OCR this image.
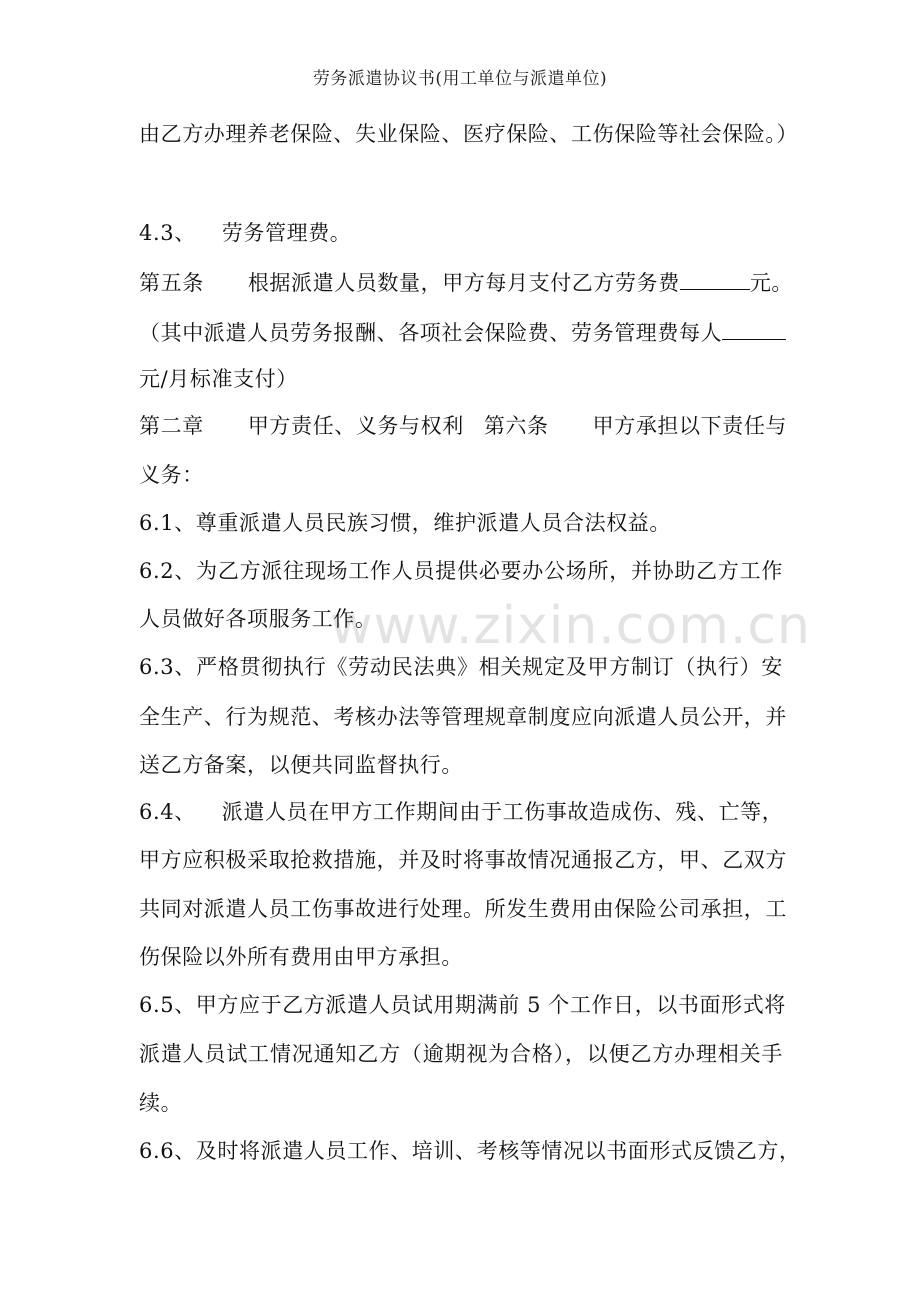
www.zixin.com.cn
劳务派遣协议书(用工单位与派遣单位)
由乙方办理养老保险、失业保险、医疗保险、工伤保险等社会保险。）
4.3、 劳务管理费。
第五条 根据派遣人员数量，甲方每月支付乙方劳务费	元。
（其中派遣人员劳务报酬、各项社会保险费、劳务管理费每人
元/月标准支付）
第二章 甲方责任、义务与权利 第六条 甲方承担以下责任与
义务：
6.1、尊重派遣人员民族习惯，维护派遣人员合法权益。
6.2、为乙方派往现场工作人员提供必要办公场所，并协助乙方工作
人员做好各项服务工作。
6.3、严格贯彻执行《劳动民法典》相关规定及甲方制订（执行）安
全生产、行为规范、考核办法等管理规章制度应向派遣人员公开，并
送乙方备案，以便共同监督执行。
6.4、 派遣人员在甲方工作期间由于工伤事故造成伤、残、亡等，
甲方应积极采取抢救措施，并及时将事故情况通报乙方，甲、乙双方
共同对派遣人员工伤事故进行处理。所发生费用由保险公司承担，工
伤保险以外所有费用由甲方承担。
6.5、甲方应于乙方派遣人员试用期满前 5 个工作日，以书面形式将
派遣人员试工情况通知乙方（逾期视为合格），以便乙方办理相关手
续。
6.6、及时将派遣人员工作、培训、考核等情况以书面形式反馈乙方，
